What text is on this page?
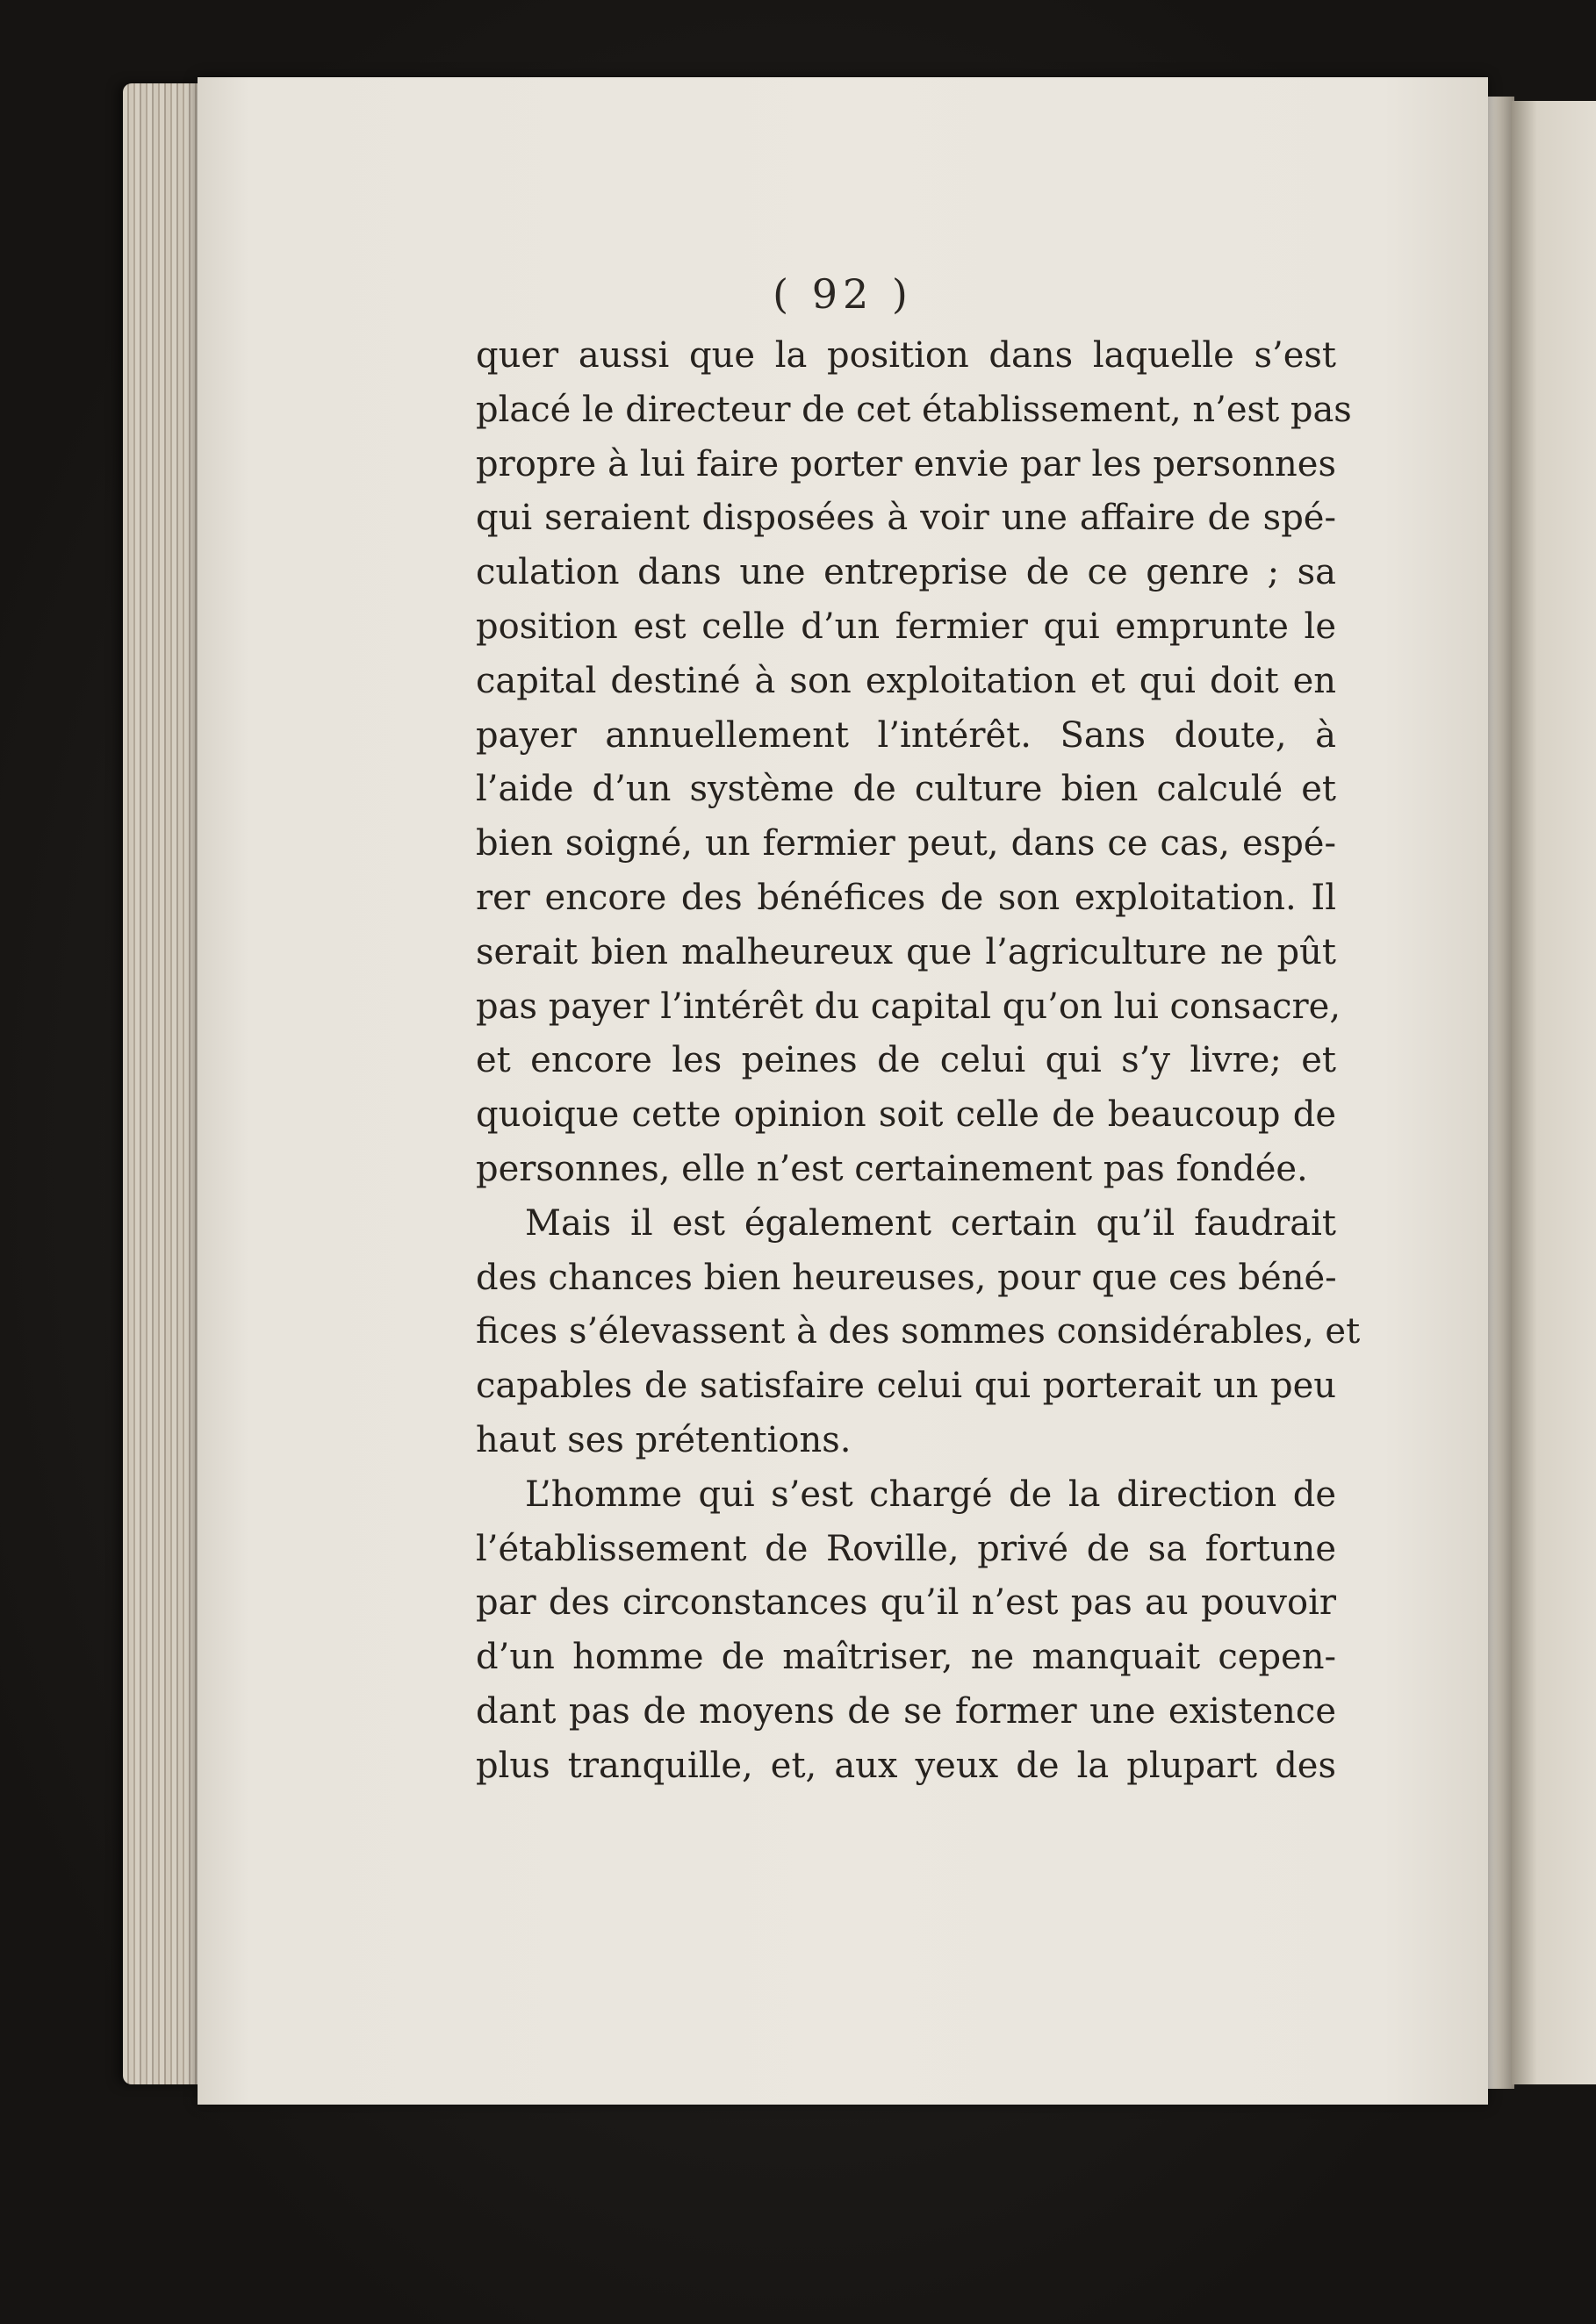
( 92 )
quer aussi que la position dans laquelle s’est
placé le directeur de cet établissement, n’est pas
propre à lui faire porter envie par les personnes
qui seraient disposées à voir une affaire de spé-
culation dans une entreprise de ce genre ; sa
position est celle d’un fermier qui emprunte le
capital destiné à son exploitation et qui doit en
payer annuellement l’intérêt. Sans doute, à
l’aide d’un système de culture bien calculé et
bien soigné, un fermier peut, dans ce cas, espé-
rer encore des bénéfices de son exploitation. Il
serait bien malheureux que l’agriculture ne pût
pas payer l’intérêt du capital qu’on lui consacre,
et encore les peines de celui qui s’y livre; et
quoique cette opinion soit celle de beaucoup de
personnes, elle n’est certainement pas fondée.
Mais il est également certain qu’il faudrait
des chances bien heureuses, pour que ces béné-
fices s’élevassent à des sommes considérables, et
capables de satisfaire celui qui porterait un peu
haut ses prétentions.
L’homme qui s’est chargé de la direction de
l’établissement de Roville, privé de sa fortune
par des circonstances qu’il n’est pas au pouvoir
d’un homme de maîtriser, ne manquait cepen-
dant pas de moyens de se former une existence
plus tranquille, et, aux yeux de la plupart des
